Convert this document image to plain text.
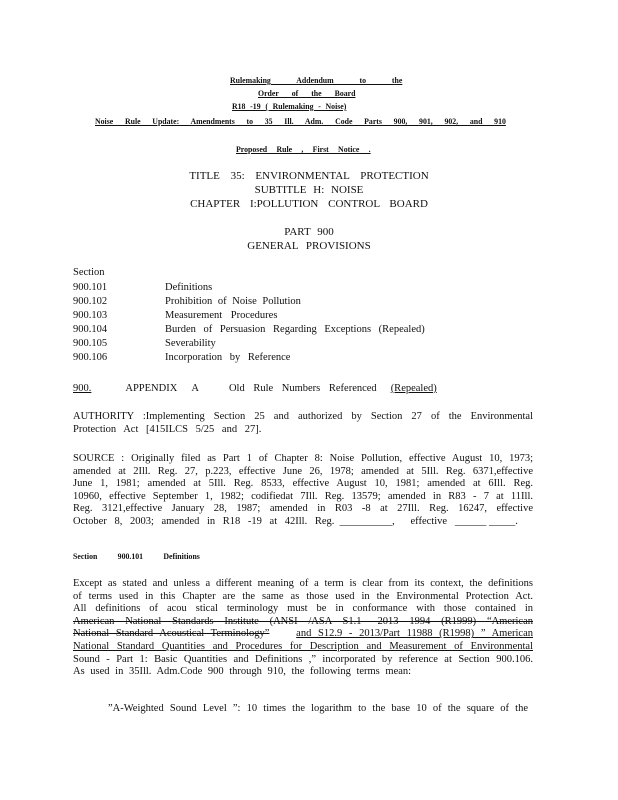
Rulemaking Addendum to the
Order of the Board
R18 -19 ( Rulemaking - Noise)
Noise Rule Update: Amendments to 35 Ill. Adm. Code Parts 900, 901, 902, and 910
Proposed Rule , First Notice .
TITLE 35: ENVIRONMENTAL PROTECTION
SUBTITLE H: NOISE
CHAPTER I:POLLUTION CONTROL BOARD
PART 900
GENERAL PROVISIONS
Section
900.101	Definitions
900.102	Prohibition of Noise Pollution
900.103	Measurement Procedures
900.104	Burden of Persuasion Regarding Exceptions (Repealed)
900.105	Severability
900.106	Incorporation by Reference
900.	APPENDIX A	Old Rule Numbers Referenced (Repealed)
AUTHORITY :Implementing Section 25 and authorized by Section 27 of the Environmental
Protection Act [415ILCS 5/25 and 27].
SOURCE : Originally filed as Part 1 of Chapter 8: Noise Pollution, effective August 10, 1973;
amended at 2Ill. Reg. 27, p.223, effective June 26, 1978; amended at 5Ill. Reg. 6371,effective
June 1, 1981; amended at 5Ill. Reg. 8533, effective August 10, 1981; amended at 6Ill. Reg.
10960, effective September 1, 1982; codifiedat 7Ill. Reg. 13579; amended in R83 - 7 at 11Ill.
Reg. 3121,effective January 28, 1987; amended in R03 -8 at 27Ill. Reg. 16247, effective
October 8, 2003; amended in R18 -19 at 42Ill. Reg. __________, effective ______ _____.
Section 900.101 Definitions
Except as stated and unless a different meaning of a term is clear from its context, the definitions
of terms used in this Chapter are the same as those used in the Environmental Protection Act.
All definitions of acou stical terminology must be in conformance with those contained in
American National Standards Institute (ANSI /ASA S1.1 –2013 1994 (R1999) “American
National Standard Acoustical Terminology”	and S12.9 - 2013/Part 11988 (R1998) ” American
National Standard Quantities and Procedures for Description and Measurement of Environmental
Sound - Part 1: Basic Quantities and Definitions ,” incorporated by reference at Section 900.106.
As used in 35Ill. Adm.Code 900 through 910, the following terms mean:
”A-Weighted Sound Level ”: 10 times the logarithm to the base 10 of the square of the
